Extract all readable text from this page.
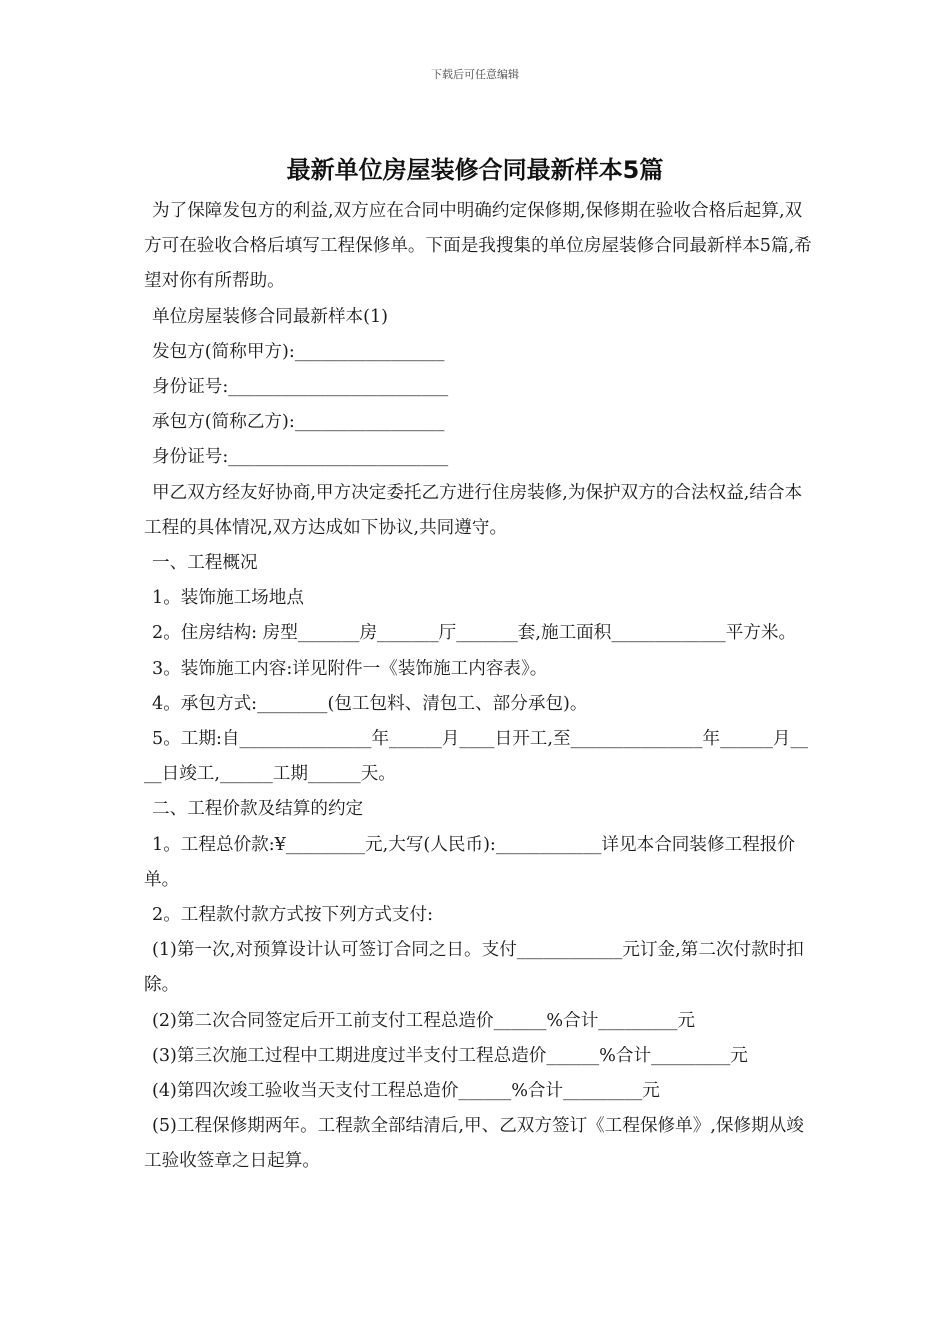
下载后可任意编辑
最新单位房屋装修合同最新样本5篇

为了保障发包方的利益,双方应在合同中明确约定保修期,保修期在验收合格后起算,双方可在验收合格后填写工程保修单。下面是我搜集的单位房屋装修合同最新样本5篇,希望对你有所帮助。

单位房屋装修合同最新样本(1)

发包方(简称甲方):_________________

身份证号:_________________________

承包方(简称乙方):_________________

身份证号:_________________________

甲乙双方经友好协商,甲方决定委托乙方进行住房装修,为保护双方的合法权益,结合本工程的具体情况,双方达成如下协议,共同遵守。

一、工程概况

1。装饰施工场地点

2。住房结构: 房型_______房_______厅_______套,施工面积_____________平方米。

3。装饰施工内容:详见附件一《装饰施工内容表》。

4。承包方式:________(包工包料、清包工、部分承包)。

5。工期:自_______________年______月____日开工,至_______________年______月____日竣工,______工期______天。

二、工程价款及结算的约定

1。工程总价款:¥_________元,大写(人民币):____________详见本合同装修工程报价单。

2。工程款付款方式按下列方式支付:

(1)第一次,对预算设计认可签订合同之日。支付____________元订金,第二次付款时扣除。

(2)第二次合同签定后开工前支付工程总造价______%合计_________元

(3)第三次施工过程中工期进度过半支付工程总造价______%合计_________元

(4)第四次竣工验收当天支付工程总造价______%合计_________元

(5)工程保修期两年。工程款全部结清后,甲、乙双方签订《工程保修单》,保修期从竣工验收签章之日起算。
